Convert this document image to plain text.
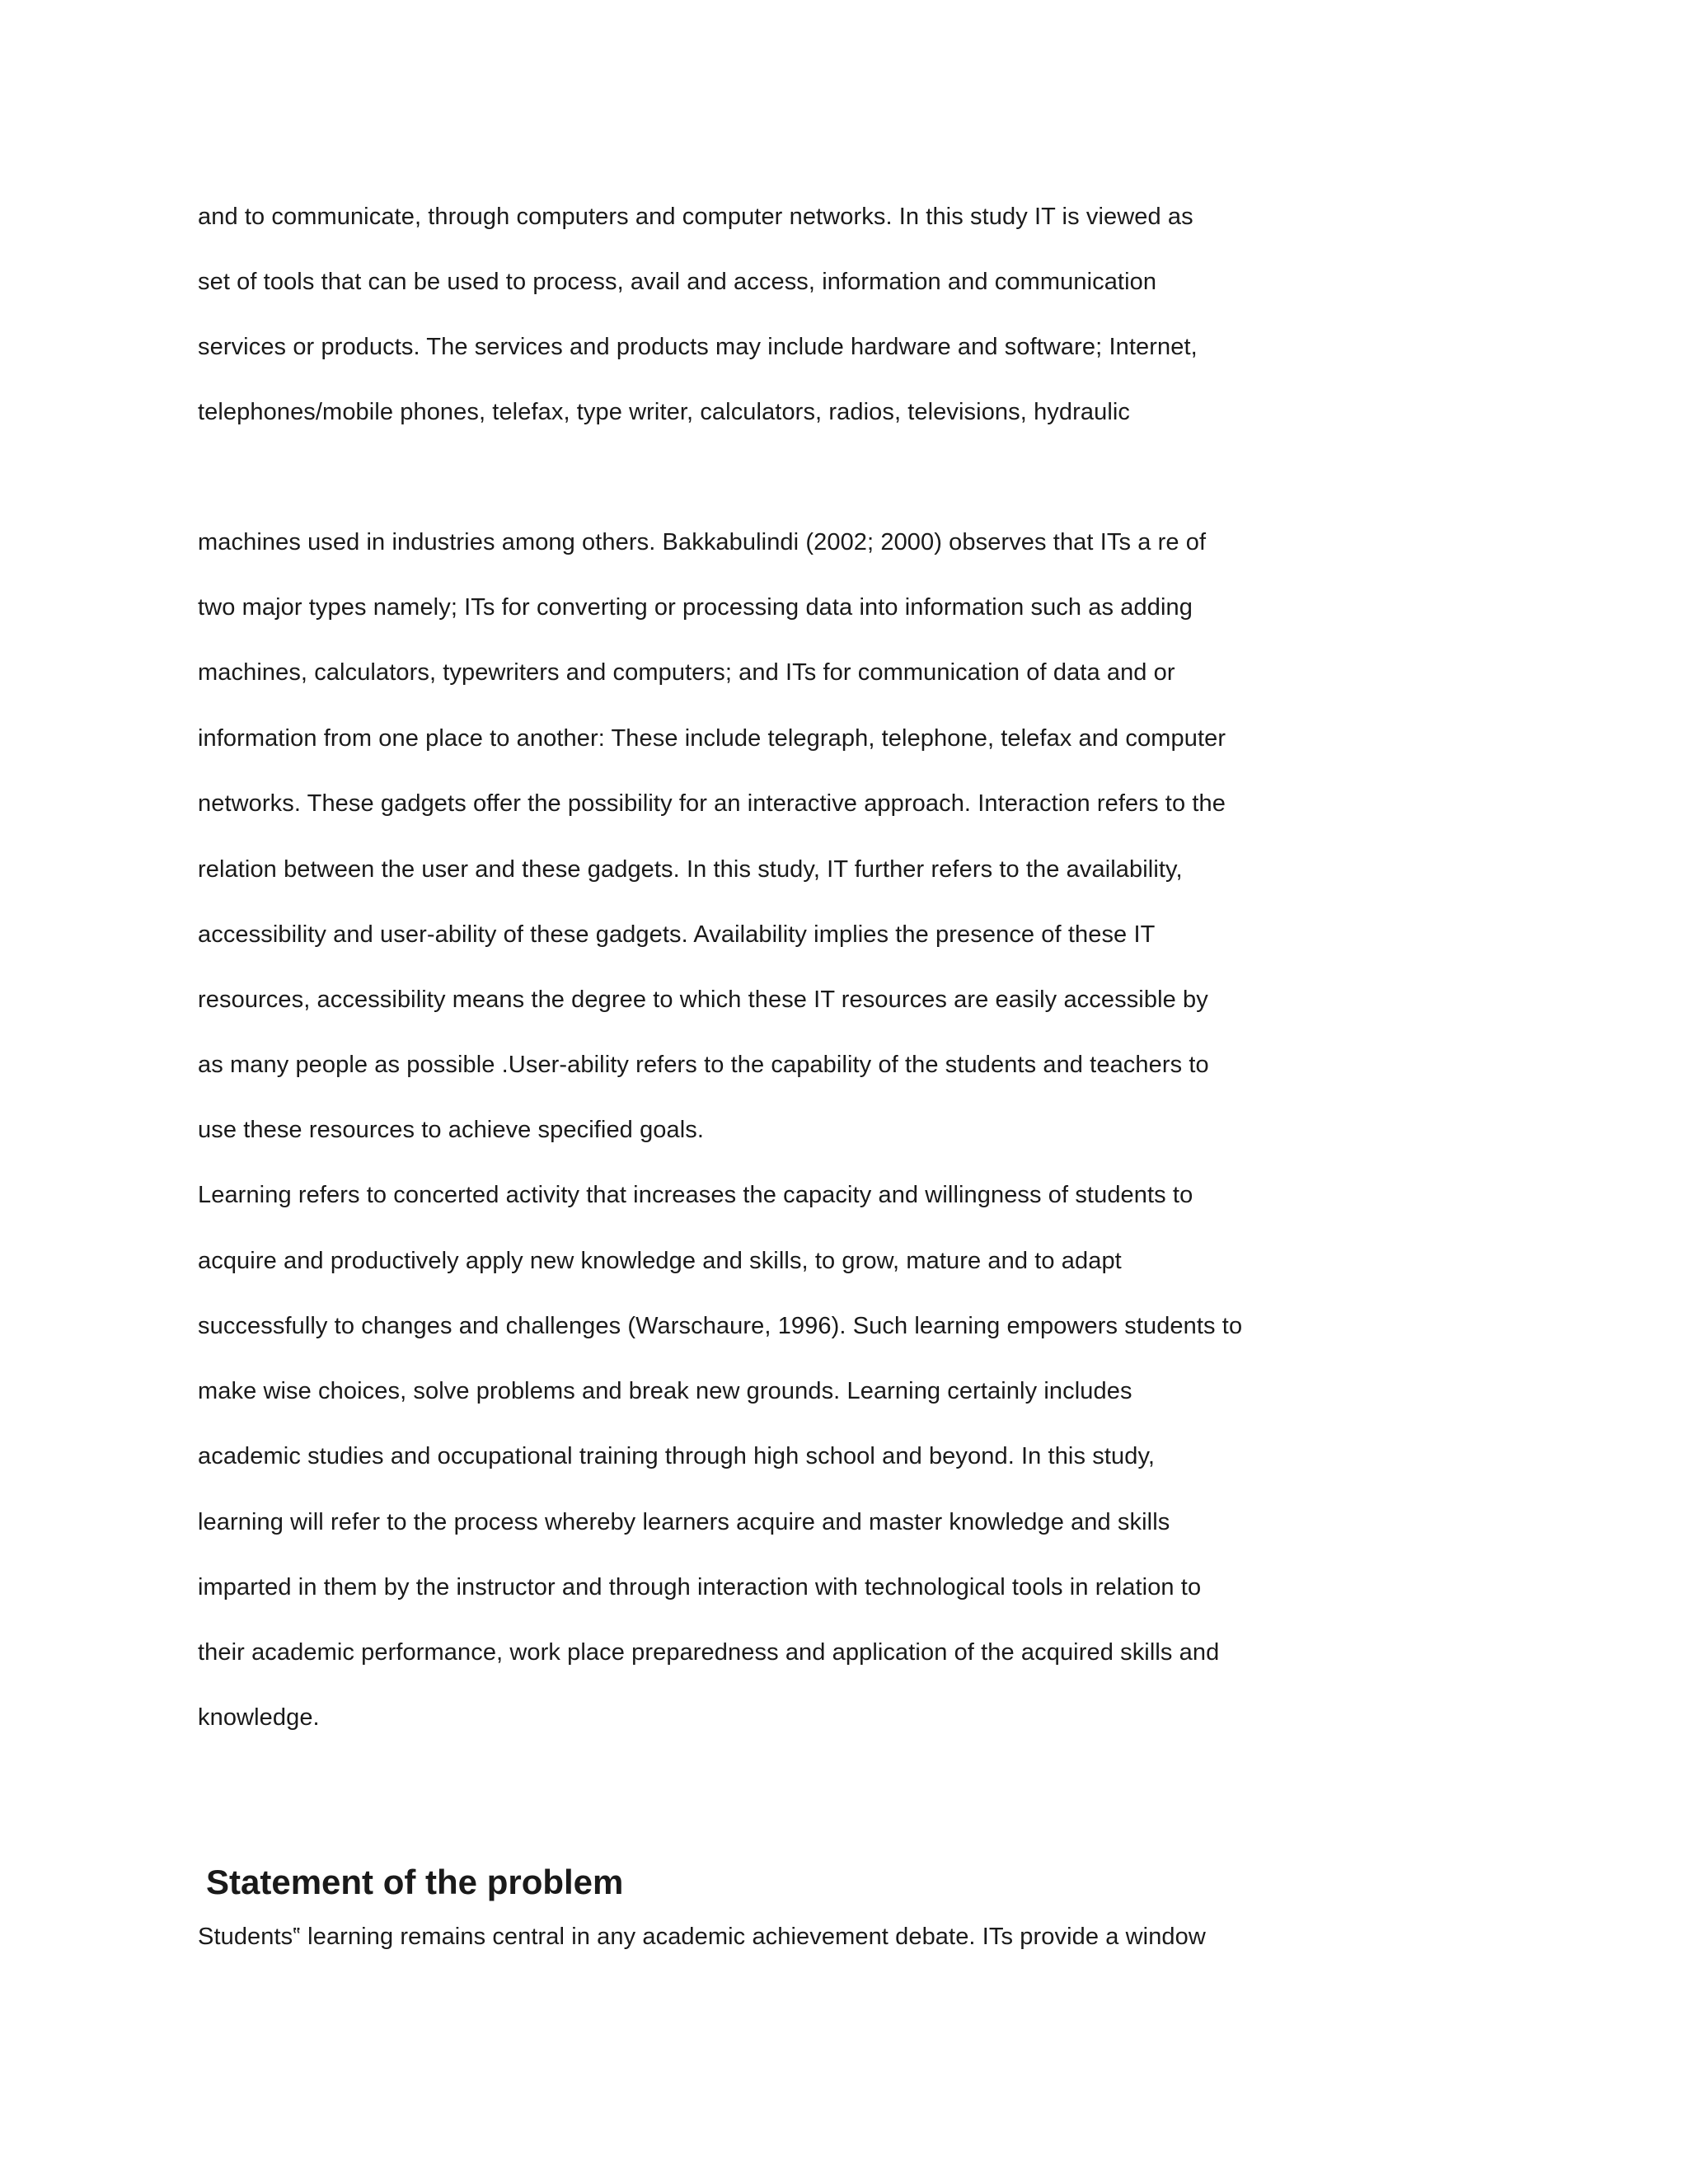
and to communicate, through computers and computer networks. In this study IT is viewed as
set of tools that can be used to process, avail and access, information and communication
services or products. The services and products may include hardware and software; Internet,
telephones/mobile phones, telefax, type writer, calculators, radios, televisions, hydraulic
machines used in industries among others. Bakkabulindi (2002; 2000) observes that ITs a re of
two major types namely; ITs for converting or processing data into information such as adding
machines, calculators, typewriters and computers; and ITs for communication of data and or
information from one place to another: These include telegraph, telephone, telefax and computer
networks. These gadgets offer the possibility for an interactive approach. Interaction refers to the
relation between the user and these gadgets. In this study, IT further refers to the availability,
accessibility and user-ability of these gadgets. Availability implies the presence of these IT
resources, accessibility means the degree to which these IT resources are easily accessible by
as many people as possible .User-ability refers to the capability of the students and teachers to
use these resources to achieve specified goals.
Learning refers to concerted activity that increases the capacity and willingness of students to
acquire and productively apply new knowledge and skills, to grow, mature and to adapt
successfully to changes and challenges (Warschaure, 1996). Such learning empowers students to
make wise choices, solve problems and break new grounds. Learning certainly includes
academic studies and occupational training through high school and beyond. In this study,
learning will refer to the process whereby learners acquire and master knowledge and skills
imparted in them by the instructor and through interaction with technological tools in relation to
their academic performance, work place preparedness and application of the acquired skills and
knowledge.
Statement of the problem
Students‟ learning remains central in any academic achievement debate. ITs provide a window
